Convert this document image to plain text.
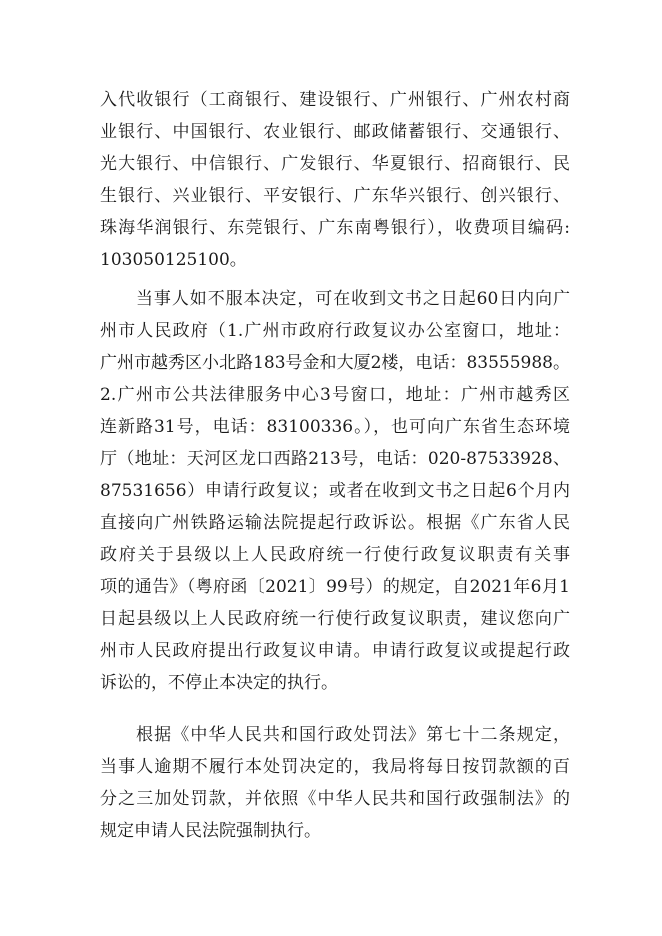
入代收银行（工商银行、建设银行、广州银行、广州农村商
业银行、中国银行、农业银行、邮政储蓄银行、交通银行、
光大银行、中信银行、广发银行、华夏银行、招商银行、民
生银行、兴业银行、平安银行、广东华兴银行、创兴银行、
珠海华润银行、东莞银行、广东南粤银行），收费项目编码:
103050125100。
当事人如不服本决定，可在收到文书之日起60日内向广
州市人民政府（1.广州市政府行政复议办公室窗口，地址：
广州市越秀区小北路183号金和大厦2楼，电话：83555988。
2.广州市公共法律服务中心3号窗口，地址：广州市越秀区
连新路31号，电话：83100336。），也可向广东省生态环境
厅（地址：天河区龙口西路213号，电话：020-87533928、
87531656）申请行政复议；或者在收到文书之日起6个月内
直接向广州铁路运输法院提起行政诉讼。根据《广东省人民
政府关于县级以上人民政府统一行使行政复议职责有关事
项的通告》（粤府函〔2021〕99号）的规定，自2021年6月1
日起县级以上人民政府统一行使行政复议职责，建议您向广
州市人民政府提出行政复议申请。申请行政复议或提起行政
诉讼的，不停止本决定的执行。
根据《中华人民共和国行政处罚法》第七十二条规定，
当事人逾期不履行本处罚决定的，我局将每日按罚款额的百
分之三加处罚款，并依照《中华人民共和国行政强制法》的
规定申请人民法院强制执行。
